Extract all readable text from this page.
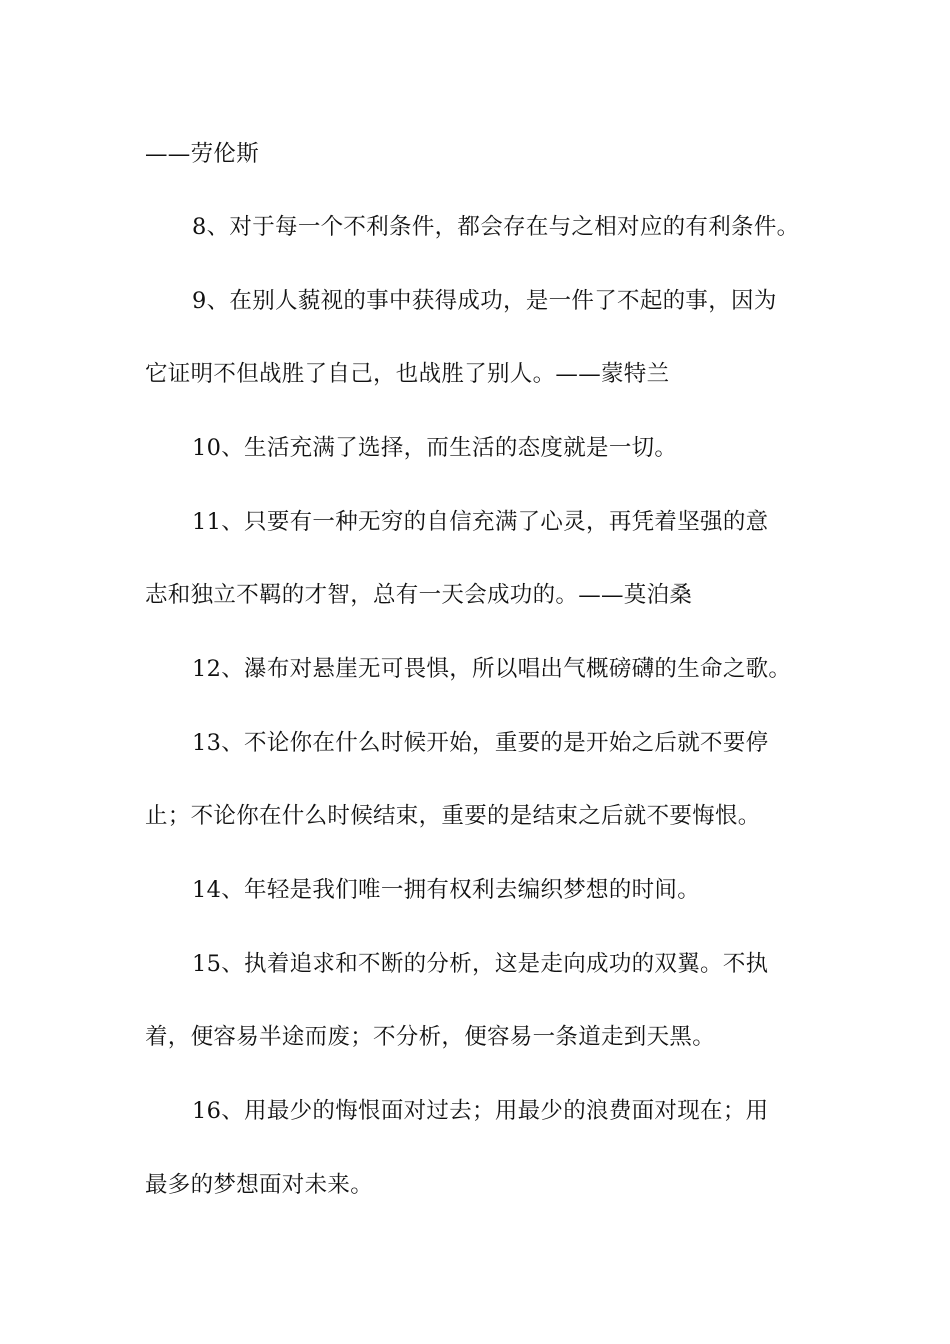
——劳伦斯
8、对于每一个不利条件，都会存在与之相对应的有利条件。
9、在别人藐视的事中获得成功，是一件了不起的事，因为
它证明不但战胜了自己，也战胜了别人。——蒙特兰
10、生活充满了选择，而生活的态度就是一切。
11、只要有一种无穷的自信充满了心灵，再凭着坚强的意
志和独立不羁的才智，总有一天会成功的。——莫泊桑
12、瀑布对悬崖无可畏惧，所以唱出气概磅礴的生命之歌。
13、不论你在什么时候开始，重要的是开始之后就不要停
止；不论你在什么时候结束，重要的是结束之后就不要悔恨。
14、年轻是我们唯一拥有权利去编织梦想的时间。
15、执着追求和不断的分析，这是走向成功的双翼。不执
着，便容易半途而废；不分析，便容易一条道走到天黑。
16、用最少的悔恨面对过去；用最少的浪费面对现在；用
最多的梦想面对未来。
